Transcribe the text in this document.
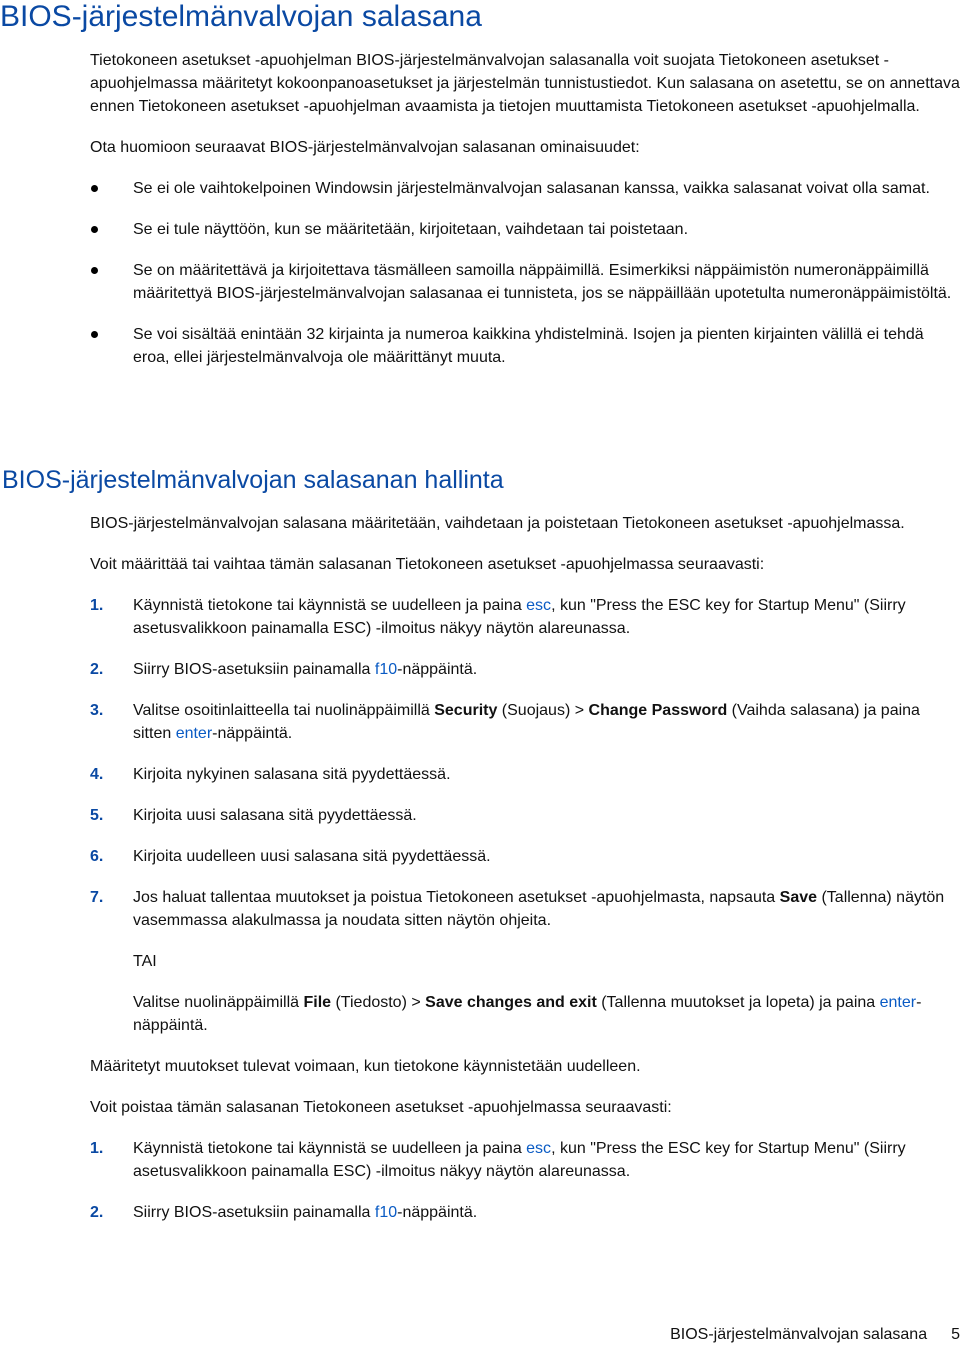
BIOS-järjestelmänvalvojan salasana

Tietokoneen asetukset -apuohjelman BIOS-järjestelmänvalvojan salasanalla voit suojata Tietokoneen asetukset -apuohjelmassa määritetyt kokoonpanoasetukset ja järjestelmän tunnistustiedot. Kun salasana on asetettu, se on annettava ennen Tietokoneen asetukset -apuohjelman avaamista ja tietojen muuttamista Tietokoneen asetukset -apuohjelmalla.

Ota huomioon seuraavat BIOS-järjestelmänvalvojan salasanan ominaisuudet:

Se ei ole vaihtokelpoinen Windowsin järjestelmänvalvojan salasanan kanssa, vaikka salasanat voivat olla samat.
Se ei tule näyttöön, kun se määritetään, kirjoitetaan, vaihdetaan tai poistetaan.
Se on määritettävä ja kirjoitettava täsmälleen samoilla näppäimillä. Esimerkiksi näppäimistön numeronäppäimillä määritettyä BIOS-järjestelmänvalvojan salasanaa ei tunnisteta, jos se näppäillään upotetulta numeronäppäimistöltä.
Se voi sisältää enintään 32 kirjainta ja numeroa kaikkina yhdistelminä. Isojen ja pienten kirjainten välillä ei tehdä eroa, ellei järjestelmänvalvoja ole määrittänyt muuta.
BIOS-järjestelmänvalvojan salasanan hallinta

BIOS-järjestelmänvalvojan salasana määritetään, vaihdetaan ja poistetaan Tietokoneen asetukset -apuohjelmassa.

Voit määrittää tai vaihtaa tämän salasanan Tietokoneen asetukset -apuohjelmassa seuraavasti:

1. Käynnistä tietokone tai käynnistä se uudelleen ja paina esc, kun "Press the ESC key for Startup Menu" (Siirry asetusvalikkoon painamalla ESC) -ilmoitus näkyy näytön alareunassa.
2. Siirry BIOS-asetuksiin painamalla f10-näppäintä.
3. Valitse osoitinlaitteella tai nuolinäppäimillä Security (Suojaus) > Change Password (Vaihda salasana) ja paina sitten enter-näppäintä.
4. Kirjoita nykyinen salasana sitä pyydettäessä.
5. Kirjoita uusi salasana sitä pyydettäessä.
6. Kirjoita uudelleen uusi salasana sitä pyydettäessä.
7. Jos haluat tallentaa muutokset ja poistua Tietokoneen asetukset -apuohjelmasta, napsauta Save (Tallenna) näytön vasemmassa alakulmassa ja noudata sitten näytön ohjeita.
TAI
Valitse nuolinäppäimillä File (Tiedosto) > Save changes and exit (Tallenna muutokset ja lopeta) ja paina enter-näppäintä.

Määritetyt muutokset tulevat voimaan, kun tietokone käynnistetään uudelleen.

Voit poistaa tämän salasanan Tietokoneen asetukset -apuohjelmassa seuraavasti:

1. Käynnistä tietokone tai käynnistä se uudelleen ja paina esc, kun "Press the ESC key for Startup Menu" (Siirry asetusvalikkoon painamalla ESC) -ilmoitus näkyy näytön alareunassa.
2. Siirry BIOS-asetuksiin painamalla f10-näppäintä.
BIOS-järjestelmänvalvojan salasana 5
